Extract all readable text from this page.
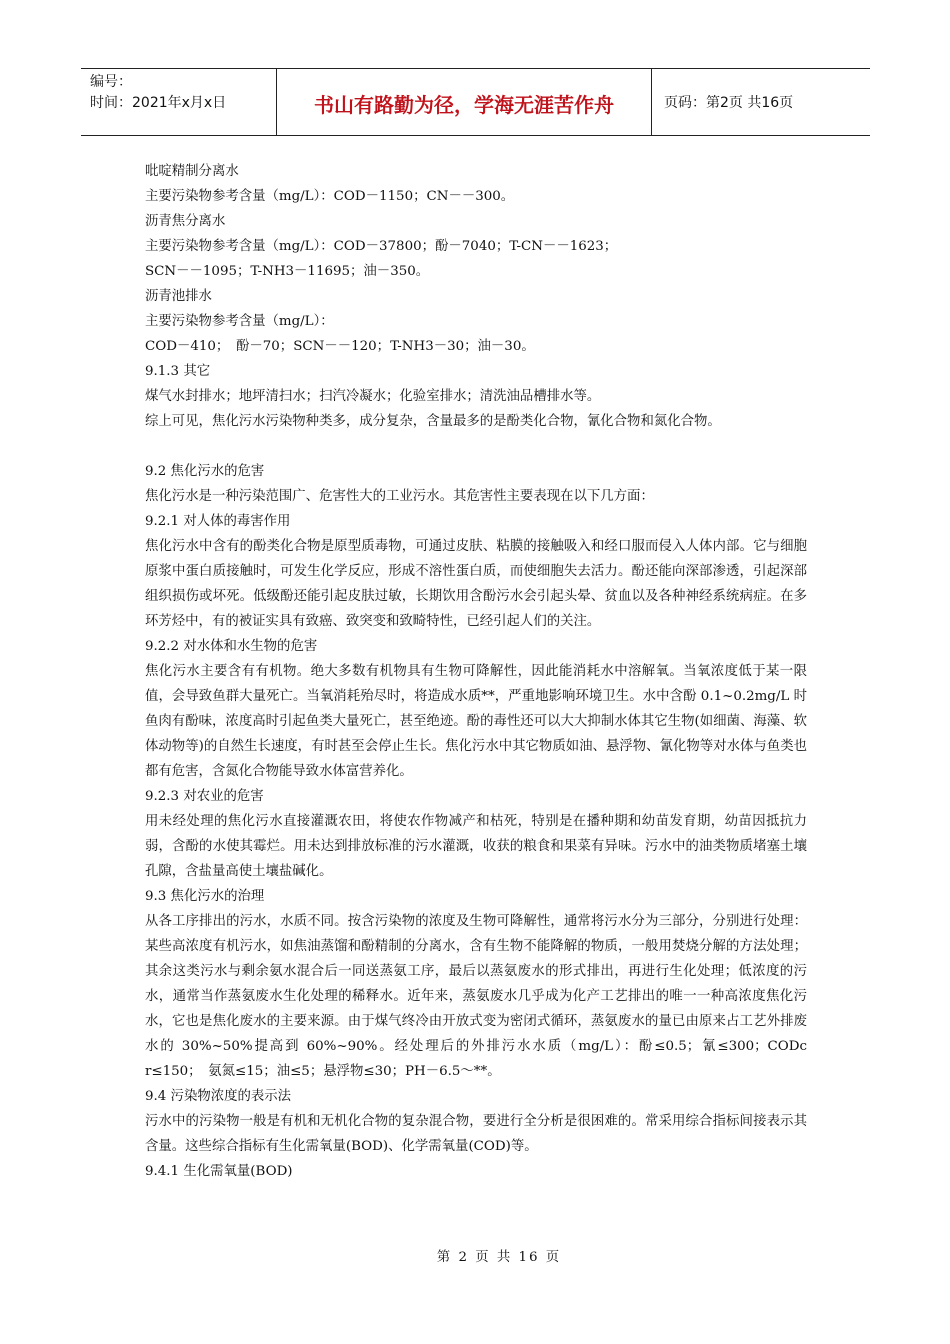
编号：
时间：2021年x月x日	书山有路勤为径，学海无涯苦作舟	页码：第2页 共16页
吡啶精制分离水
主要污染物参考含量（mg/L）：COD－1150；CN－－300。
沥青焦分离水
主要污染物参考含量（mg/L）：COD－37800；酚－7040；T-CN－－1623；
SCN－－1095；T-NH3－11695；油－350。
沥青池排水
主要污染物参考含量（mg/L）：
COD－410；　酚－70；SCN－－120；T-NH3－30；油－30。
9.1.3 其它
煤气水封排水；地坪清扫水；扫汽冷凝水；化验室排水；清洗油品槽排水等。
综上可见，焦化污水污染物种类多，成分复杂，含量最多的是酚类化合物，氰化合物和氮化合物。
9.2 焦化污水的危害
焦化污水是一种污染范围广、危害性大的工业污水。其危害性主要表现在以下几方面：
9.2.1 对人体的毒害作用

焦化污水中含有的酚类化合物是原型质毒物，可通过皮肤、粘膜的接触吸入和经口服而侵入人体内部。它与细胞原浆中蛋白质接触时，可发生化学反应，形成不溶性蛋白质，而使细胞失去活力。酚还能向深部渗透，引起深部组织损伤或坏死。低级酚还能引起皮肤过敏，长期饮用含酚污水会引起头晕、贫血以及各种神经系统病症。在多环芳烃中，有的被证实具有致癌、致突变和致畸特性，已经引起人们的关注。

9.2.2 对水体和水生物的危害

焦化污水主要含有有机物。绝大多数有机物具有生物可降解性，因此能消耗水中溶解氧。当氧浓度低于某一限值，会导致鱼群大量死亡。当氧消耗殆尽时，将造成水质**，严重地影响环境卫生。水中含酚 0.1~0.2mg/L 时鱼肉有酚味，浓度高时引起鱼类大量死亡，甚至绝迹。酚的毒性还可以大大抑制水体其它生物(如细菌、海藻、软体动物等)的自然生长速度，有时甚至会停止生长。焦化污水中其它物质如油、悬浮物、氰化物等对水体与鱼类也都有危害，含氮化合物能导致水体富营养化。

9.2.3 对农业的危害

用未经处理的焦化污水直接灌溉农田，将使农作物减产和枯死，特别是在播种期和幼苗发育期，幼苗因抵抗力弱，含酚的水使其霉烂。用未达到排放标准的污水灌溉，收获的粮食和果菜有异味。污水中的油类物质堵塞土壤孔隙，含盐量高使土壤盐碱化。

9.3 焦化污水的治理

从各工序排出的污水，水质不同。按含污染物的浓度及生物可降解性，通常将污水分为三部分，分别进行处理：某些高浓度有机污水，如焦油蒸馏和酚精制的分离水，含有生物不能降解的物质，一般用焚烧分解的方法处理；其余这类污水与剩余氨水混合后一同送蒸氨工序，最后以蒸氨废水的形式排出，再进行生化处理；低浓度的污水，通常当作蒸氨废水生化处理的稀释水。近年来，蒸氨废水几乎成为化产工艺排出的唯一一种高浓度焦化污水，它也是焦化废水的主要来源。由于煤气终冷由开放式变为密闭式循环，蒸氨废水的量已由原来占工艺外排废水的 30%~50%提高到 60%~90%。经处理后的外排污水水质（mg/L）：酚≤0.5；氰≤300；CODc r≤150；　氨氮≤15；油≤5；悬浮物≤30；PH－6.5～**。

9.4 污染物浓度的表示法

污水中的污染物一般是有机和无机化合物的复杂混合物，要进行全分析是很困难的。常采用综合指标间接表示其含量。这些综合指标有生化需氧量(BOD)、化学需氧量(COD)等。

9.4.1 生化需氧量(BOD)
第 2 页 共 16 页
